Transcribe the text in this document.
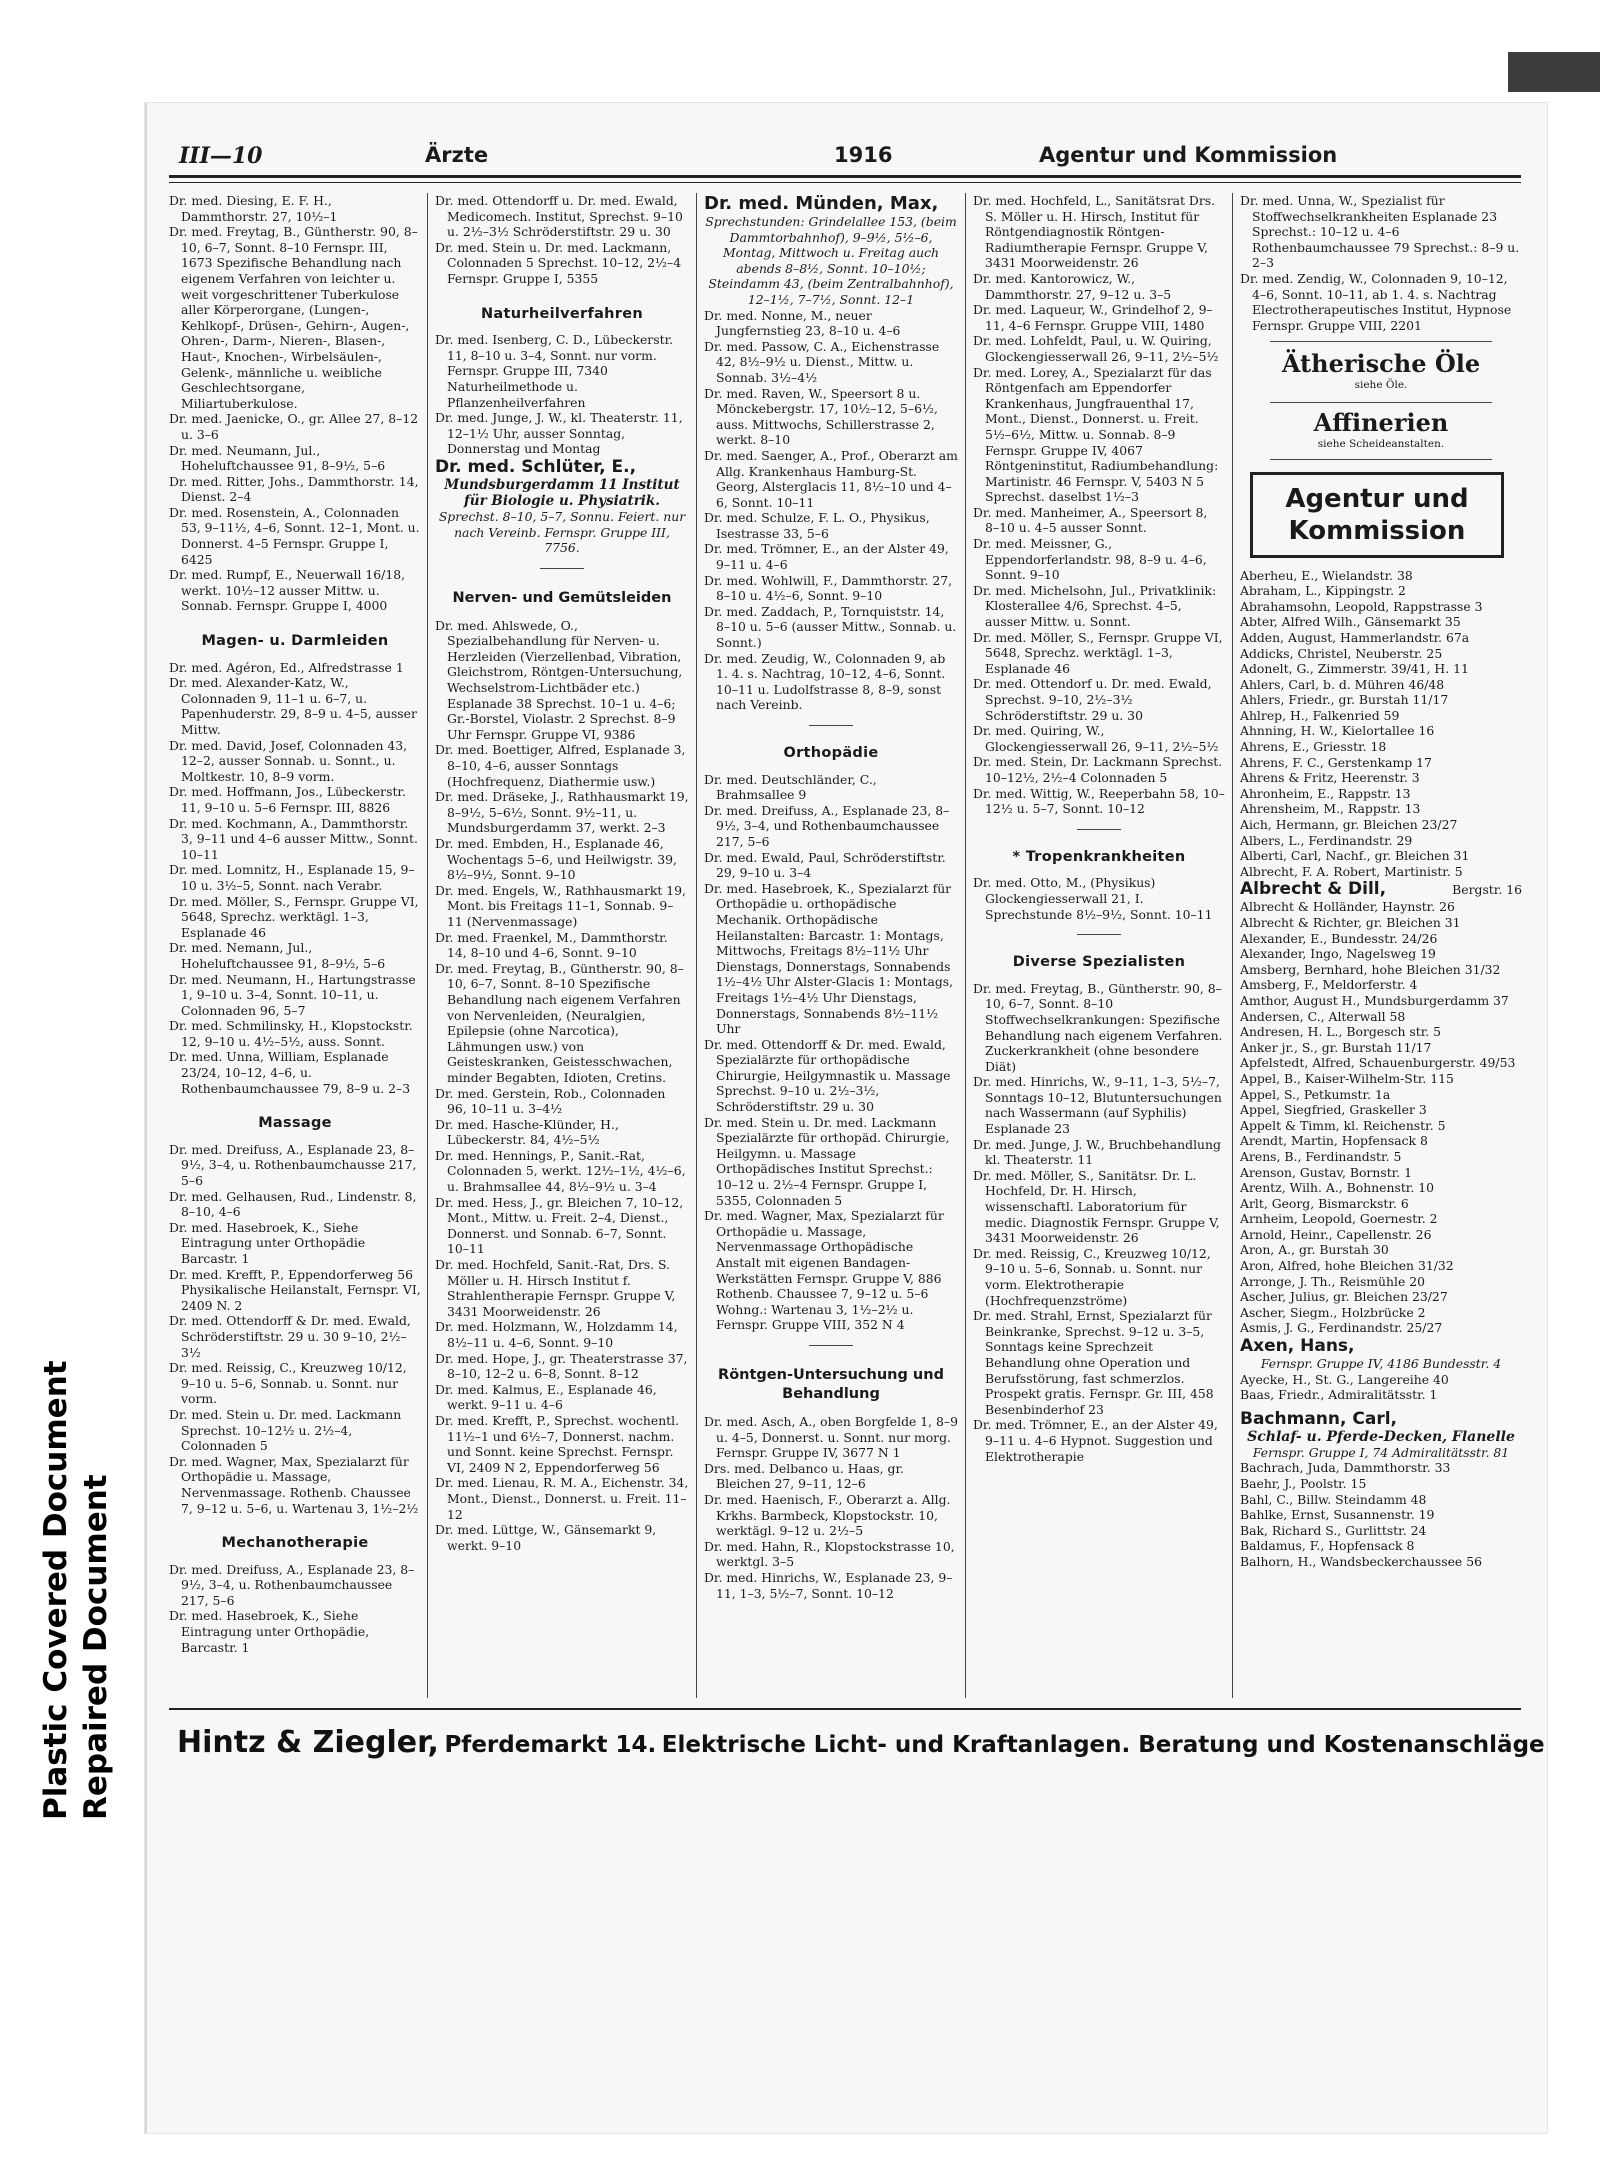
Plastic Covered Document Repaired Document
III—10	Ärzte	1916	Agentur und Kommission
Dr. med. Diesing, E. F. H., Dammthorstr. 27, 10½–1
Dr. med. Freytag, B., Güntherstr. 90, 8–10, 6–7, Sonnt. 8–10 Fernspr. III, 1673 Spezifische Behandlung nach eigenem Verfahren von leichter u. weit vorgeschrittener Tuberkulose aller Körperorgane, (Lungen-, Kehlkopf-, Drüsen-, Gehirn-, Augen-, Ohren-, Darm-, Nieren-, Blasen-, Haut-, Knochen-, Wirbelsäulen-, Gelenk-, männliche u. weibliche Geschlechtsorgane, Miliartuberkulose.
Dr. med. Jaenicke, O., gr. Allee 27, 8–12 u. 3–6
Dr. med. Neumann, Jul., Hoheluftchaussee 91, 8–9½, 5–6
Dr. med. Ritter, Johs., Dammthorstr. 14, Dienst. 2–4
Dr. med. Rosenstein, A., Colonnaden 53, 9–11½, 4–6, Sonnt. 12–1, Mont. u. Donnerst. 4–5 Fernspr. Gruppe I, 6425
Dr. med. Rumpf, E., Neuerwall 16/18, werkt. 10½–12 ausser Mittw. u. Sonnab. Fernspr. Gruppe I, 4000
Magen- u. Darmleiden
Dr. med. Agéron, Ed., Alfredstrasse 1
Dr. med. Alexander-Katz, W., Colonnaden 9, 11–1 u. 6–7, u. Papenhuderstr. 29, 8–9 u. 4–5, ausser Mittw.
Dr. med. David, Josef, Colonnaden 43, 12–2, ausser Sonnab. u. Sonnt., u. Moltkestr. 10, 8–9 vorm.
Dr. med. Hoffmann, Jos., Lübeckerstr. 11, 9–10 u. 5–6 Fernspr. III, 8826
Dr. med. Kochmann, A., Dammthorstr. 3, 9–11 und 4–6 ausser Mittw., Sonnt. 10–11
Dr. med. Lomnitz, H., Esplanade 15, 9–10 u. 3½–5, Sonnt. nach Verabr.
Dr. med. Möller, S., Fernspr. Gruppe VI, 5648, Sprechz. werktägl. 1–3, Esplanade 46
Dr. med. Nemann, Jul., Hoheluftchaussee 91, 8–9½, 5–6
Dr. med. Neumann, H., Hartungstrasse 1, 9–10 u. 3–4, Sonnt. 10–11, u. Colonnaden 96, 5–7
Dr. med. Schmilinsky, H., Klopstockstr. 12, 9–10 u. 4½–5½, auss. Sonnt.
Dr. med. Unna, William, Esplanade 23/24, 10–12, 4–6, u. Rothenbaumchaussee 79, 8–9 u. 2–3
Massage
Dr. med. Dreifuss, A., Esplanade 23, 8–9½, 3–4, u. Rothenbaumchausse 217, 5–6
Dr. med. Gelhausen, Rud., Lindenstr. 8, 8–10, 4–6
Dr. med. Hasebroek, K., Siehe Eintragung unter Orthopädie Barcastr. 1
Dr. med. Krefft, P., Eppendorferweg 56 Physikalische Heilanstalt, Fernspr. VI, 2409 N. 2
Dr. med. Ottendorff & Dr. med. Ewald, Schröderstiftstr. 29 u. 30 9–10, 2½–3½
Dr. med. Reissig, C., Kreuzweg 10/12, 9–10 u. 5–6, Sonnab. u. Sonnt. nur vorm.
Dr. med. Stein u. Dr. med. Lackmann Sprechst. 10–12½ u. 2½–4, Colonnaden 5
Dr. med. Wagner, Max, Spezialarzt für Orthopädie u. Massage, Nervenmassage. Rothenb. Chaussee 7, 9–12 u. 5–6, u. Wartenau 3, 1½–2½
Mechanotherapie
Dr. med. Dreifuss, A., Esplanade 23, 8–9½, 3–4, u. Rothenbaumchaussee 217, 5–6
Dr. med. Hasebroek, K., Siehe Eintragung unter Orthopädie, Barcastr. 1
Dr. med. Ottendorff u. Dr. med. Ewald, Medicomech. Institut, Sprechst. 9–10 u. 2½–3½ Schröderstiftstr. 29 u. 30
Dr. med. Stein u. Dr. med. Lackmann, Colonnaden 5 Sprechst. 10–12, 2½–4 Fernspr. Gruppe I, 5355
Naturheilverfahren
Dr. med. Isenberg, C. D., Lübeckerstr. 11, 8–10 u. 3–4, Sonnt. nur vorm. Fernspr. Gruppe III, 7340 Naturheilmethode u. Pflanzenheilverfahren
Dr. med. Junge, J. W., kl. Theaterstr. 11, 12–1½ Uhr, ausser Sonntag, Donnerstag und Montag
Dr. med. Schlüter, E.,
Mundsburgerdamm 11 Institut für Biologie u. Physiatrik.
Sprechst. 8–10, 5–7, Sonnu. Feiert. nur nach Vereinb. Fernspr. Gruppe III, 7756.
Nerven- und Gemütsleiden
Dr. med. Ahlswede, O., Spezialbehandlung für Nerven- u. Herzleiden (Vierzellenbad, Vibration, Gleichstrom, Röntgen-Untersuchung, Wechselstrom-Lichtbäder etc.) Esplanade 38 Sprechst. 10–1 u. 4–6; Gr.-Borstel, Violastr. 2 Sprechst. 8–9 Uhr Fernspr. Gruppe VI, 9386
Dr. med. Boettiger, Alfred, Esplanade 3, 8–10, 4–6, ausser Sonntags (Hochfrequenz, Diathermie usw.)
Dr. med. Dräseke, J., Rathhausmarkt 19, 8–9½, 5–6½, Sonnt. 9½–11, u. Mundsburgerdamm 37, werkt. 2–3
Dr. med. Embden, H., Esplanade 46, Wochentags 5–6, und Heilwigstr. 39, 8½–9½, Sonnt. 9–10
Dr. med. Engels, W., Rathhausmarkt 19, Mont. bis Freitags 11–1, Sonnab. 9–11 (Nervenmassage)
Dr. med. Fraenkel, M., Dammthorstr. 14, 8–10 und 4–6, Sonnt. 9–10
Dr. med. Freytag, B., Güntherstr. 90, 8–10, 6–7, Sonnt. 8–10 Spezifische Behandlung nach eigenem Verfahren von Nervenleiden, (Neuralgien, Epilepsie (ohne Narcotica), Lähmungen usw.) von Geisteskranken, Geistesschwachen, minder Begabten, Idioten, Cretins.
Dr. med. Gerstein, Rob., Colonnaden 96, 10–11 u. 3–4½
Dr. med. Hasche-Klünder, H., Lübeckerstr. 84, 4½–5½
Dr. med. Hennings, P., Sanit.-Rat, Colonnaden 5, werkt. 12½–1½, 4½–6, u. Brahmsallee 44, 8½–9½ u. 3–4
Dr. med. Hess, J., gr. Bleichen 7, 10–12, Mont., Mittw. u. Freit. 2–4, Dienst., Donnerst. und Sonnab. 6–7, Sonnt. 10–11
Dr. med. Hochfeld, Sanit.-Rat, Drs. S. Möller u. H. Hirsch Institut f. Strahlentherapie Fernspr. Gruppe V, 3431 Moorweidenstr. 26
Dr. med. Holzmann, W., Holzdamm 14, 8½–11 u. 4–6, Sonnt. 9–10
Dr. med. Hope, J., gr. Theaterstrasse 37, 8–10, 12–2 u. 6–8, Sonnt. 8–12
Dr. med. Kalmus, E., Esplanade 46, werkt. 9–11 u. 4–6
Dr. med. Krefft, P., Sprechst. wochentl. 11½–1 und 6½–7, Donnerst. nachm. und Sonnt. keine Sprechst. Fernspr. VI, 2409 N 2, Eppendorferweg 56
Dr. med. Lienau, R. M. A., Eichenstr. 34, Mont., Dienst., Donnerst. u. Freit. 11–12
Dr. med. Lüttge, W., Gänsemarkt 9, werkt. 9–10
Dr. med. Münden, Max,
Sprechstunden: Grindelallee 153, (beim Dammtorbahnhof), 9–9½, 5½–6, Montag, Mittwoch u. Freitag auch abends 8–8½, Sonnt. 10–10½; Steindamm 43, (beim Zentralbahnhof), 12–1½, 7–7½, Sonnt. 12–1
Dr. med. Nonne, M., neuer Jungfernstieg 23, 8–10 u. 4–6
Dr. med. Passow, C. A., Eichenstrasse 42, 8½–9½ u. Dienst., Mittw. u. Sonnab. 3½–4½
Dr. med. Raven, W., Speersort 8 u. Mönckebergstr. 17, 10½–12, 5–6½, auss. Mittwochs, Schillerstrasse 2, werkt. 8–10
Dr. med. Saenger, A., Prof., Oberarzt am Allg. Krankenhaus Hamburg-St. Georg, Alsterglacis 11, 8½–10 und 4–6, Sonnt. 10–11
Dr. med. Schulze, F. L. O., Physikus, Isestrasse 33, 5–6
Dr. med. Trömner, E., an der Alster 49, 9–11 u. 4–6
Dr. med. Wohlwill, F., Dammthorstr. 27, 8–10 u. 4½–6, Sonnt. 9–10
Dr. med. Zaddach, P., Tornquiststr. 14, 8–10 u. 5–6 (ausser Mittw., Sonnab. u. Sonnt.)
Dr. med. Zeudig, W., Colonnaden 9, ab 1. 4. s. Nachtrag, 10–12, 4–6, Sonnt. 10–11 u. Ludolfstrasse 8, 8–9, sonst nach Vereinb.
Orthopädie
Dr. med. Deutschländer, C., Brahmsallee 9
Dr. med. Dreifuss, A., Esplanade 23, 8–9½, 3–4, und Rothenbaumchaussee 217, 5–6
Dr. med. Ewald, Paul, Schröderstiftstr. 29, 9–10 u. 3–4
Dr. med. Hasebroek, K., Spezialarzt für Orthopädie u. orthopädische Mechanik. Orthopädische Heilanstalten: Barcastr. 1: Montags, Mittwochs, Freitags 8½–11½ Uhr Dienstags, Donnerstags, Sonnabends 1½–4½ Uhr Alster-Glacis 1: Montags, Freitags 1½–4½ Uhr Dienstags, Donnerstags, Sonnabends 8½–11½ Uhr
Dr. med. Ottendorff & Dr. med. Ewald, Spezialärzte für orthopädische Chirurgie, Heilgymnastik u. Massage Sprechst. 9–10 u. 2½–3½, Schröderstiftstr. 29 u. 30
Dr. med. Stein u. Dr. med. Lackmann Spezialärzte für orthopäd. Chirurgie, Heilgymn. u. Massage Orthopädisches Institut Sprechst.: 10–12 u. 2½–4 Fernspr. Gruppe I, 5355, Colonnaden 5
Dr. med. Wagner, Max, Spezialarzt für Orthopädie u. Massage, Nervenmassage Orthopädische Anstalt mit eigenen Bandagen-Werkstätten Fernspr. Gruppe V, 886 Rothenb. Chaussee 7, 9–12 u. 5–6 Wohng.: Wartenau 3, 1½–2½ u. Fernspr. Gruppe VIII, 352 N 4
Röntgen-Untersuchung und Behandlung
Dr. med. Asch, A., oben Borgfelde 1, 8–9 u. 4–5, Donnerst. u. Sonnt. nur morg. Fernspr. Gruppe IV, 3677 N 1
Drs. med. Delbanco u. Haas, gr. Bleichen 27, 9–11, 12–6
Dr. med. Haenisch, F., Oberarzt a. Allg. Krkhs. Barmbeck, Klopstockstr. 10, werktägl. 9–12 u. 2½–5
Dr. med. Hahn, R., Klopstockstrasse 10, werktgl. 3–5
Dr. med. Hinrichs, W., Esplanade 23, 9–11, 1–3, 5½–7, Sonnt. 10–12
Dr. med. Hochfeld, L., Sanitätsrat Drs. S. Möller u. H. Hirsch, Institut für Röntgendiagnostik Röntgen-Radiumtherapie Fernspr. Gruppe V, 3431 Moorweidenstr. 26
Dr. med. Kantorowicz, W., Dammthorstr. 27, 9–12 u. 3–5
Dr. med. Laqueur, W., Grindelhof 2, 9–11, 4–6 Fernspr. Gruppe VIII, 1480
Dr. med. Lohfeldt, Paul, u. W. Quiring, Glockengiesserwall 26, 9–11, 2½–5½
Dr. med. Lorey, A., Spezialarzt für das Röntgenfach am Eppendorfer Krankenhaus, Jungfrauenthal 17, Mont., Dienst., Donnerst. u. Freit. 5½–6½, Mittw. u. Sonnab. 8–9 Fernspr. Gruppe IV, 4067 Röntgeninstitut, Radiumbehandlung: Martinistr. 46 Fernspr. V, 5403 N 5 Sprechst. daselbst 1½–3
Dr. med. Manheimer, A., Speersort 8, 8–10 u. 4–5 ausser Sonnt.
Dr. med. Meissner, G., Eppendorferlandstr. 98, 8–9 u. 4–6, Sonnt. 9–10
Dr. med. Michelsohn, Jul., Privatklinik: Klosterallee 4/6, Sprechst. 4–5, ausser Mittw. u. Sonnt.
Dr. med. Möller, S., Fernspr. Gruppe VI, 5648, Sprechz. werktägl. 1–3, Esplanade 46
Dr. med. Ottendorf u. Dr. med. Ewald, Sprechst. 9–10, 2½–3½ Schröderstiftstr. 29 u. 30
Dr. med. Quiring, W., Glockengiesserwall 26, 9–11, 2½–5½
Dr. med. Stein, Dr. Lackmann Sprechst. 10–12½, 2½–4 Colonnaden 5
Dr. med. Wittig, W., Reeperbahn 58, 10–12½ u. 5–7, Sonnt. 10–12
* Tropenkrankheiten
Dr. med. Otto, M., (Physikus) Glockengiesserwall 21, I. Sprechstunde 8½–9½, Sonnt. 10–11
Diverse Spezialisten
Dr. med. Freytag, B., Güntherstr. 90, 8–10, 6–7, Sonnt. 8–10 Stoffwechselkrankungen: Spezifische Behandlung nach eigenem Verfahren. Zuckerkrankheit (ohne besondere Diät)
Dr. med. Hinrichs, W., 9–11, 1–3, 5½–7, Sonntags 10–12, Blutuntersuchungen nach Wassermann (auf Syphilis) Esplanade 23
Dr. med. Junge, J. W., Bruchbehandlung kl. Theaterstr. 11
Dr. med. Möller, S., Sanitätsr. Dr. L. Hochfeld, Dr. H. Hirsch, wissenschaftl. Laboratorium für medic. Diagnostik Fernspr. Gruppe V, 3431 Moorweidenstr. 26
Dr. med. Reissig, C., Kreuzweg 10/12, 9–10 u. 5–6, Sonnab. u. Sonnt. nur vorm. Elektrotherapie (Hochfrequenzströme)
Dr. med. Strahl, Ernst, Spezialarzt für Beinkranke, Sprechst. 9–12 u. 3–5, Sonntags keine Sprechzeit Behandlung ohne Operation und Berufsstörung, fast schmerzlos. Prospekt gratis. Fernspr. Gr. III, 458 Besenbinderhof 23
Dr. med. Trömner, E., an der Alster 49, 9–11 u. 4–6 Hypnot. Suggestion und Elektrotherapie
Dr. med. Unna, W., Spezialist für Stoffwechselkrankheiten Esplanade 23 Sprechst.: 10–12 u. 4–6 Rothenbaumchaussee 79 Sprechst.: 8–9 u. 2–3
Dr. med. Zendig, W., Colonnaden 9, 10–12, 4–6, Sonnt. 10–11, ab 1. 4. s. Nachtrag Electrotherapeutisches Institut, Hypnose Fernspr. Gruppe VIII, 2201
Ätherische Öle
siehe Öle.
Affinerien
siehe Scheideanstalten.
Agentur und Kommission
Aberheu, E., Wielandstr. 38
Abraham, L., Kippingstr. 2
Abrahamsohn, Leopold, Rappstrasse 3
Abter, Alfred Wilh., Gänsemarkt 35
Adden, August, Hammerlandstr. 67a
Addicks, Christel, Neuberstr. 25
Adonelt, G., Zimmerstr. 39/41, H. 11
Ahlers, Carl, b. d. Mühren 46/48
Ahlers, Friedr., gr. Burstah 11/17
Ahlrep, H., Falkenried 59
Ahnning, H. W., Kielortallee 16
Ahrens, E., Griesstr. 18
Ahrens, F. C., Gerstenkamp 17
Ahrens & Fritz, Heerenstr. 3
Ahronheim, E., Rappstr. 13
Ahrensheim, M., Rappstr. 13
Aich, Hermann, gr. Bleichen 23/27
Albers, L., Ferdinandstr. 29
Alberti, Carl, Nachf., gr. Bleichen 31
Albrecht, F. A. Robert, Martinistr. 5
Albrecht & Dill,	Bergstr. 16
Albrecht & Holländer, Haynstr. 26
Albrecht & Richter, gr. Bleichen 31
Alexander, E., Bundesstr. 24/26
Alexander, Ingo, Nagelsweg 19
Amsberg, Bernhard, hohe Bleichen 31/32
Amsberg, F., Meldorferstr. 4
Amthor, August H., Mundsburgerdamm 37
Andersen, C., Alterwall 58
Andresen, H. L., Borgesch str. 5
Anker jr., S., gr. Burstah 11/17
Apfelstedt, Alfred, Schauenburgerstr. 49/53
Appel, B., Kaiser-Wilhelm-Str. 115
Appel, S., Petkumstr. 1a
Appel, Siegfried, Graskeller 3
Appelt & Timm, kl. Reichenstr. 5
Arendt, Martin, Hopfensack 8
Arens, B., Ferdinandstr. 5
Arenson, Gustav, Bornstr. 1
Arentz, Wilh. A., Bohnenstr. 10
Arlt, Georg, Bismarckstr. 6
Arnheim, Leopold, Goernestr. 2
Arnold, Heinr., Capellenstr. 26
Aron, A., gr. Burstah 30
Aron, Alfred, hohe Bleichen 31/32
Arronge, J. Th., Reismühle 20
Ascher, Julius, gr. Bleichen 23/27
Ascher, Siegm., Holzbrücke 2
Asmis, J. G., Ferdinandstr. 25/27
Axen, Hans,
Fernspr. Gruppe IV, 4186 Bundesstr. 4
Ayecke, H., St. G., Langereihe 40
Baas, Friedr., Admiralitätsstr. 1
Bachmann, Carl,
Schlaf- u. Pferde-Decken, Flanelle
Fernspr. Gruppe I, 74 Admiralitätsstr. 81
Bachrach, Juda, Dammthorstr. 33
Baehr, J., Poolstr. 15
Bahl, C., Billw. Steindamm 48
Bahlke, Ernst, Susannenstr. 19
Bak, Richard S., Gurlittstr. 24
Baldamus, F., Hopfensack 8
Balhorn, H., Wandsbeckerchaussee 56
Hintz & Ziegler, Pferdemarkt 14. Elektrische Licht- und Kraftanlagen. Beratung und Kostenanschläge
